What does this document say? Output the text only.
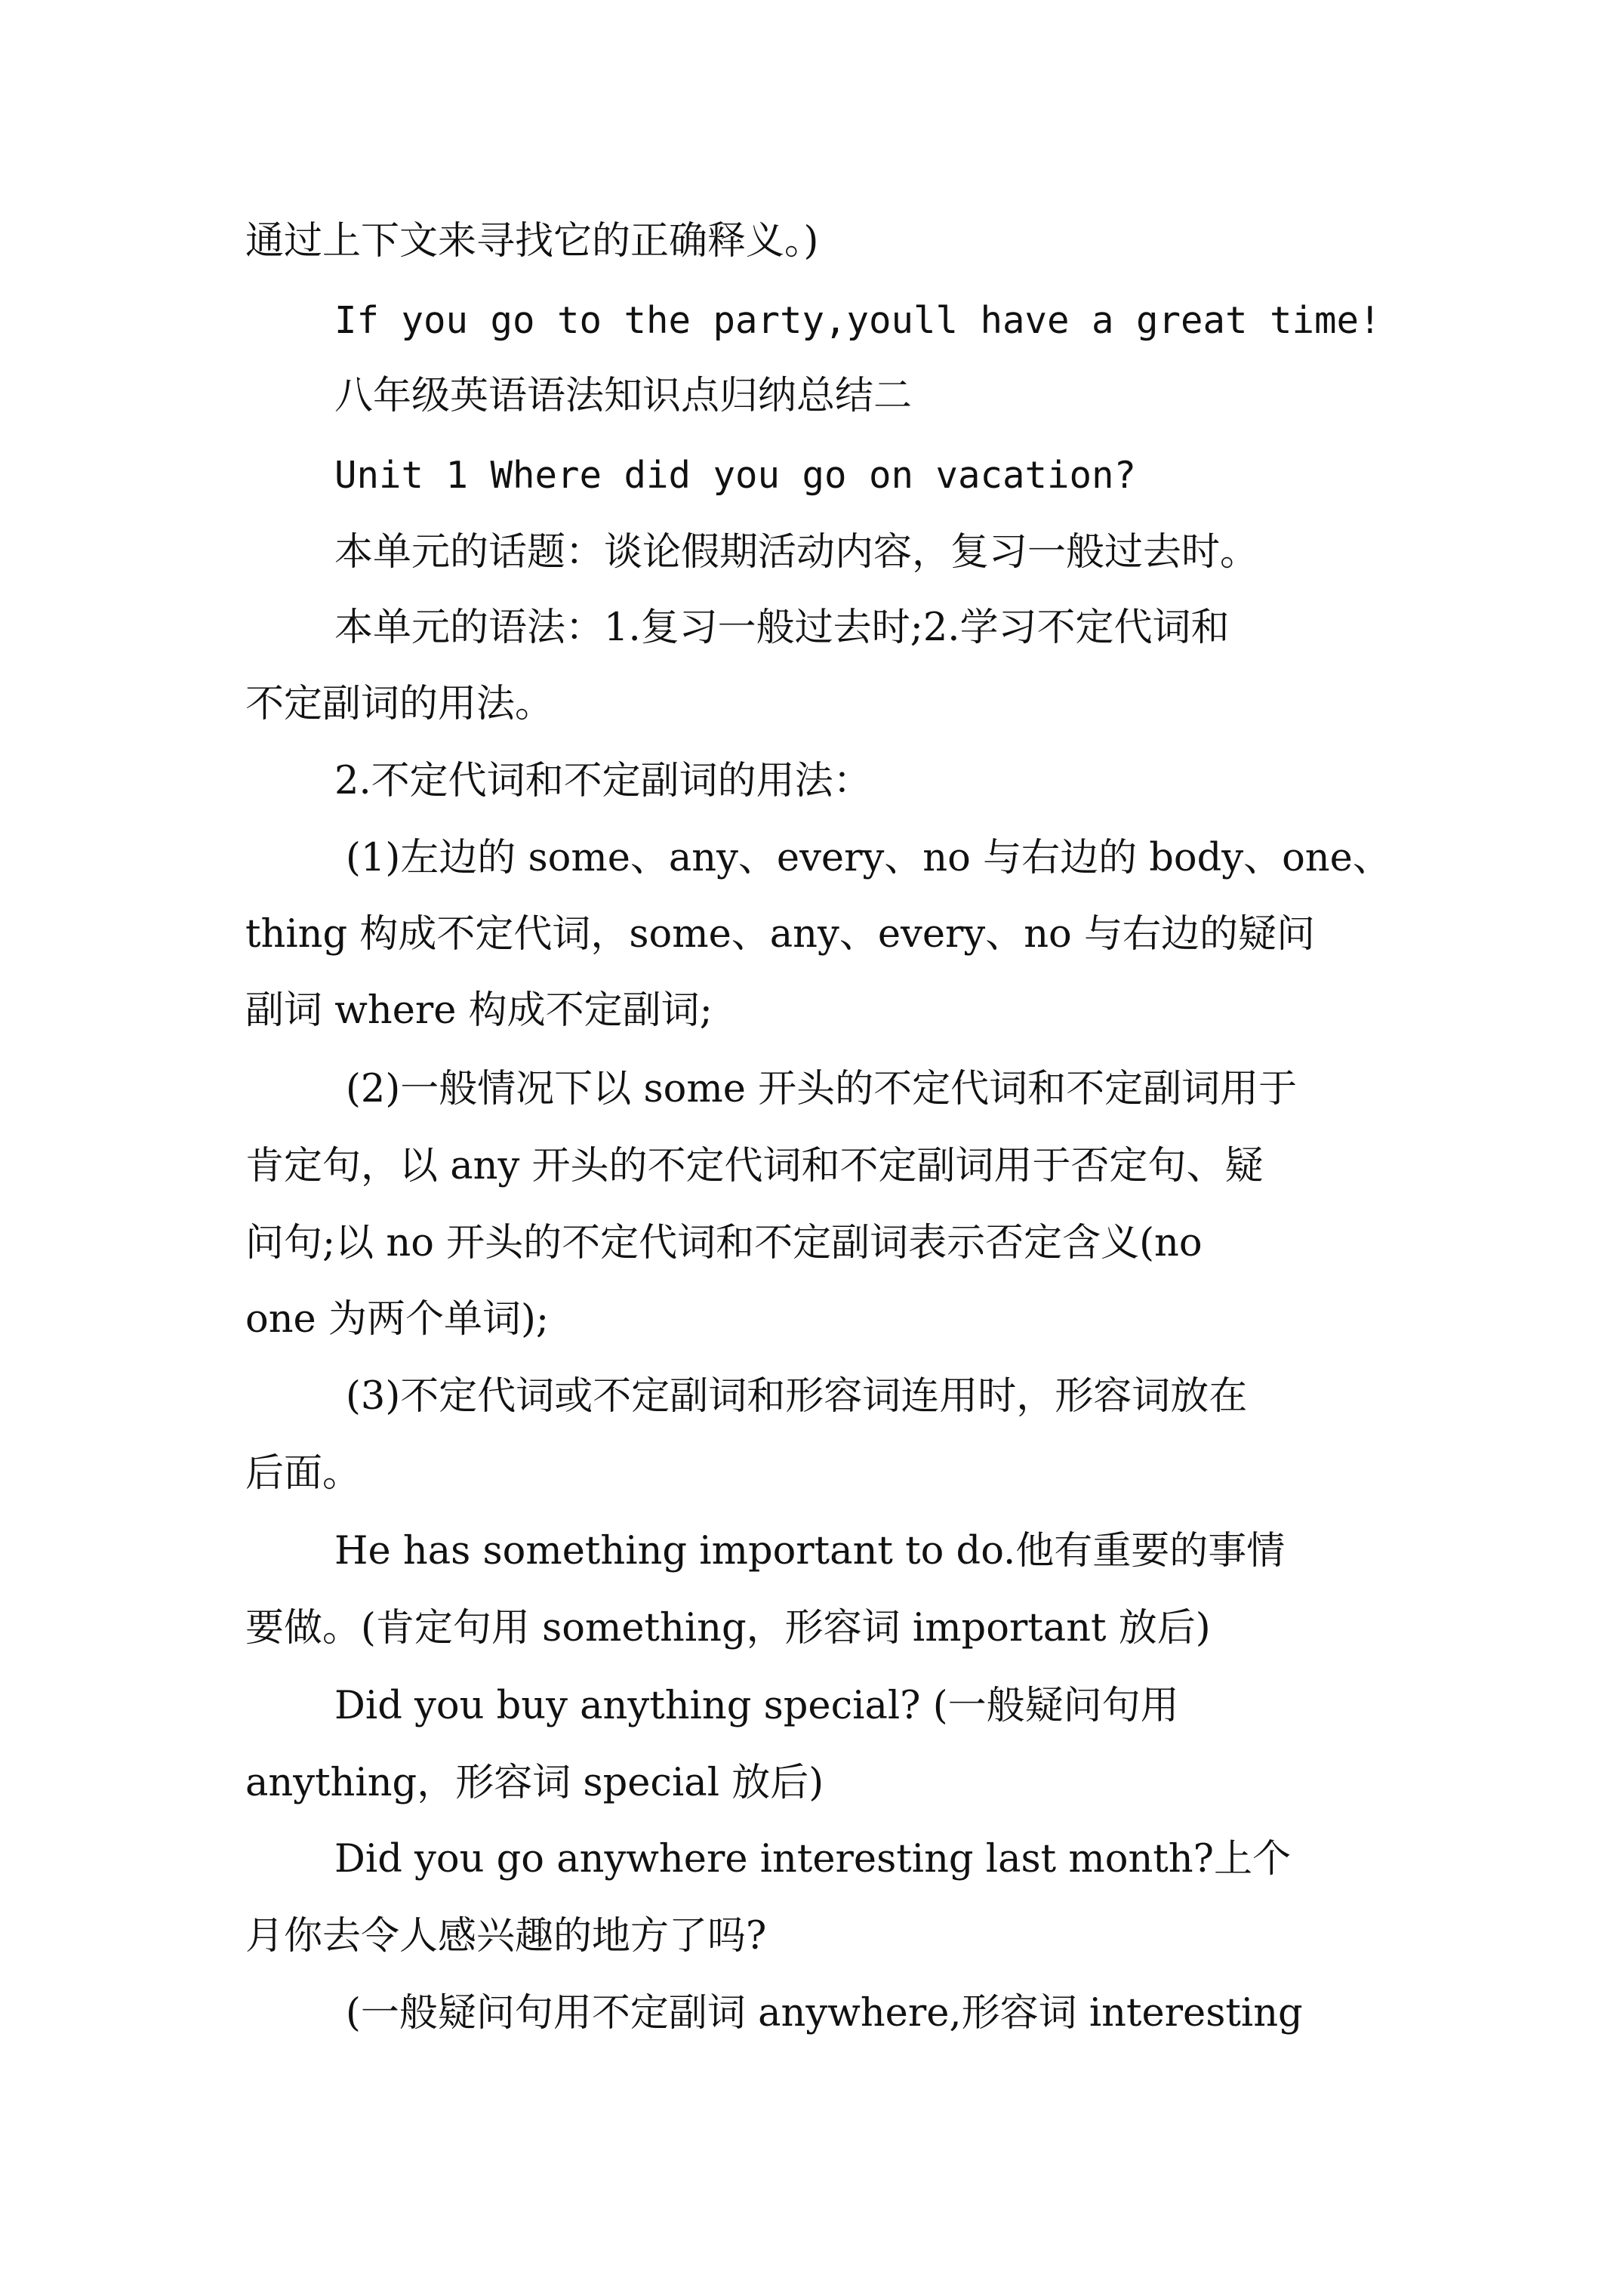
通过上下文来寻找它的正确释义。)
If you go to the party,youll have a great time!
八年级英语语法知识点归纳总结二
Unit 1 Where did you go on vacation?
本单元的话题：谈论假期活动内容，复习一般过去时。
本单元的语法：1.复习一般过去时;2.学习不定代词和
不定副词的用法。
2.不定代词和不定副词的用法：
(1)左边的 some、any、every、no 与右边的 body、one、
thing 构成不定代词，some、any、every、no 与右边的疑问
副词 where 构成不定副词;
(2)一般情况下以 some 开头的不定代词和不定副词用于
肯定句，以 any 开头的不定代词和不定副词用于否定句、疑
问句;以 no 开头的不定代词和不定副词表示否定含义(no
one 为两个单词);
(3)不定代词或不定副词和形容词连用时，形容词放在
后面。
He has something important to do.他有重要的事情
要做。(肯定句用 something，形容词 important 放后)
Did you buy anything special? (一般疑问句用
anything，形容词 special 放后)
Did you go anywhere interesting last month?上个
月你去令人感兴趣的地方了吗?
(一般疑问句用不定副词 anywhere,形容词 interesting
